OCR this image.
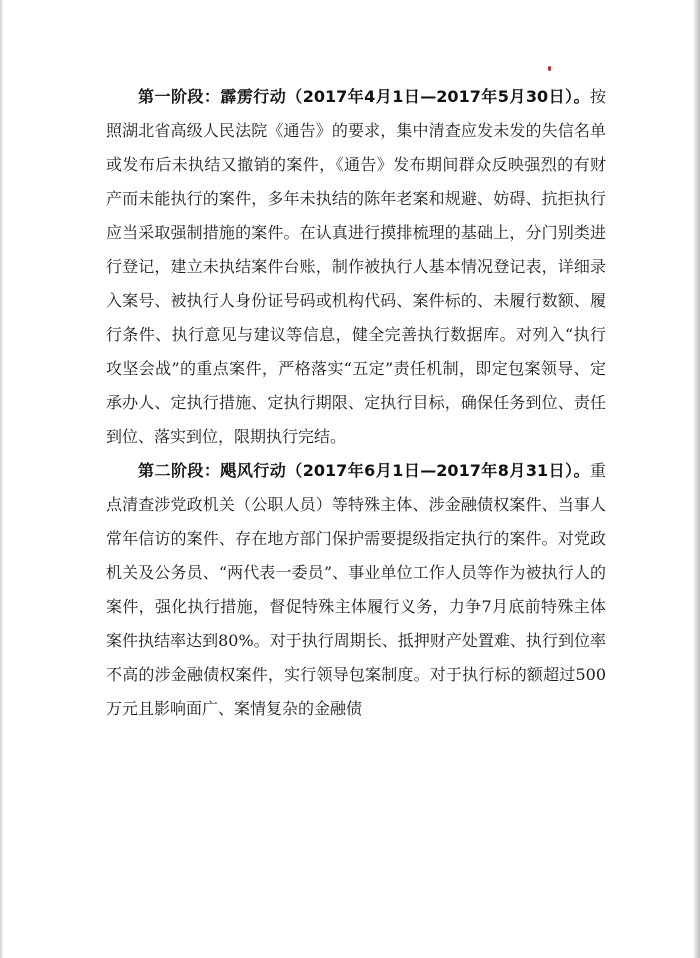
第一阶段：霹雳行动（2017年4月1日—2017年5月30日）。按照湖北省高级人民法院《通告》的要求，集中清查应发未发的失信名单或发布后未执结又撤销的案件，《通告》发布期间群众反映强烈的有财产而未能执行的案件，多年未执结的陈年老案和规避、妨碍、抗拒执行应当采取强制措施的案件。在认真进行摸排梳理的基础上，分门别类进行登记，建立未执结案件台账，制作被执行人基本情况登记表，详细录入案号、被执行人身份证号码或机构代码、案件标的、未履行数额、履行条件、执行意见与建议等信息，健全完善执行数据库。对列入“执行攻坚会战”的重点案件，严格落实“五定”责任机制，即定包案领导、定承办人、定执行措施、定执行期限、定执行目标，确保任务到位、责任到位、落实到位，限期执行完结。

第二阶段：飓风行动（2017年6月1日—2017年8月31日）。重点清查涉党政机关（公职人员）等特殊主体、涉金融债权案件、当事人常年信访的案件、存在地方部门保护需要提级指定执行的案件。对党政机关及公务员、“两代表一委员”、事业单位工作人员等作为被执行人的案件，强化执行措施，督促特殊主体履行义务，力争7月底前特殊主体案件执结率达到80%。对于执行周期长、抵押财产处置难、执行到位率不高的涉金融债权案件，实行领导包案制度。对于执行标的额超过500万元且影响面广、案情复杂的金融债
